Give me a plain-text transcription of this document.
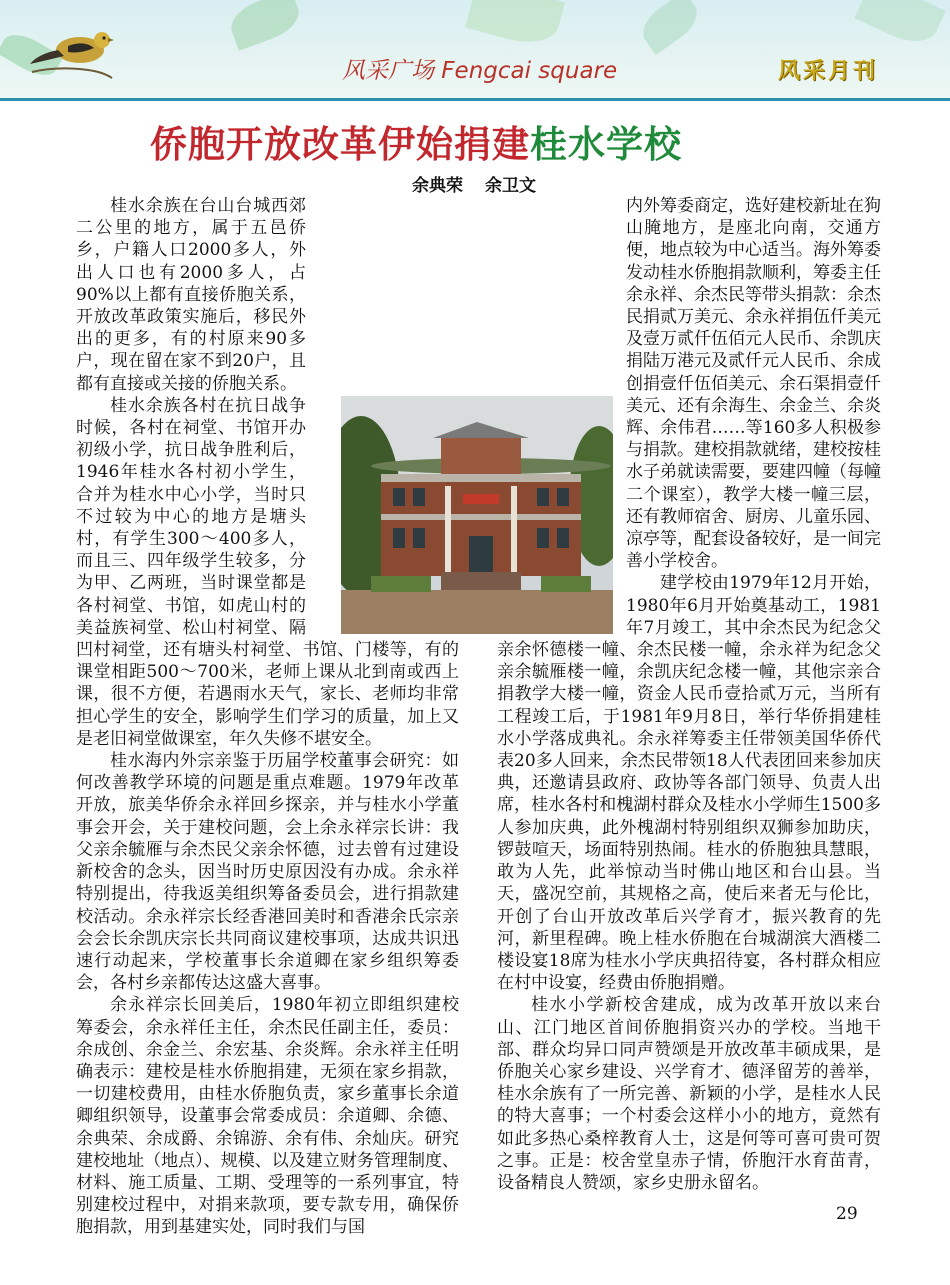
风采广场 Fengcai square	风采月刊
侨胞开放改革伊始捐建桂水学校
余典荣 余卫文

桂水余族在台山台城西郊二公里的地方，属于五邑侨乡，户籍人口2000多人，外出人口也有2000多人，占90%以上都有直接侨胞关系，开放改革政策实施后，移民外出的更多，有的村原来90多户，现在留在家不到20户，且都有直接或关接的侨胞关系。

桂水余族各村在抗日战争时候，各村在祠堂、书馆开办初级小学，抗日战争胜利后，1946年桂水各村初小学生，合并为桂水中心小学，当时只不过较为中心的地方是塘头村，有学生300～400多人，而且三、四年级学生较多，分为甲、乙两班，当时课堂都是各村祠堂、书馆，如虎山村的美益族祠堂、松山村祠堂、隔凹村祠堂，还有塘头村祠堂、书馆、门楼等，有的课堂相距500～700米，老师上课从北到南或西上课，很不方便，若遇雨水天气，家长、老师均非常担心学生的安全，影响学生们学习的质量，加上又是老旧祠堂做课室，年久失修不堪安全。

桂水海内外宗亲鉴于历届学校董事会研究：如何改善教学环境的问题是重点难题。1979年改革开放，旅美华侨余永祥回乡探亲，并与桂水小学董事会开会，关于建校问题，会上余永祥宗长讲：我父亲余毓雁与余杰民父亲余怀德，过去曾有过建设新校舍的念头，因当时历史原因没有办成。余永祥特别提出，待我返美组织筹备委员会，进行捐款建校活动。余永祥宗长经香港回美时和香港余氏宗亲会会长余凯庆宗长共同商议建校事项，达成共识迅速行动起来，学校董事长余道卿在家乡组织筹委会，各村乡亲都传达这盛大喜事。

余永祥宗长回美后，1980年初立即组织建校筹委会，余永祥任主任，余杰民任副主任，委员：余成创、余金兰、余宏基、余炎辉。余永祥主任明确表示：建校是桂水侨胞捐建，无须在家乡捐款，一切建校费用，由桂水侨胞负责，家乡董事长余道卿组织领导，设董事会常委成员：余道卿、余德、余典荣、余成爵、余锦游、余有伟、余灿庆。研究建校地址（地点）、规模、以及建立财务管理制度、材料、施工质量、工期、受理等的一系列事宜，特别建校过程中，对捐来款项，要专款专用，确保侨胞捐款，用到基建实处，同时我们与国

内外筹委商定，选好建校新址在狗山腌地方，是座北向南，交通方便，地点较为中心适当。海外筹委发动桂水侨胞捐款顺利，筹委主任余永祥、余杰民等带头捐款：余杰民捐贰万美元、余永祥捐伍仟美元及壹万贰仟伍佰元人民币、余凯庆捐陆万港元及贰仟元人民币、余成创捐壹仟伍佰美元、余石渠捐壹仟美元、还有余海生、余金兰、余炎辉、余伟君……等160多人积极参与捐款。建校捐款就绪，建校按桂水子弟就读需要，要建四幢（每幢二个课室），教学大楼一幢三层，还有教师宿舍、厨房、儿童乐园、凉亭等，配套设备较好，是一间完善小学校舍。

建学校由1979年12月开始，1980年6月开始奠基动工，1981年7月竣工，其中余杰民为纪念父亲余怀德楼一幢、余杰民楼一幢，余永祥为纪念父亲余毓雁楼一幢，余凯庆纪念楼一幢，其他宗亲合捐教学大楼一幢，资金人民币壹拾贰万元，当所有工程竣工后，于1981年9月8日，举行华侨捐建桂水小学落成典礼。余永祥筹委主任带领美国华侨代表20多人回来，余杰民带领18人代表团回来参加庆典，还邀请县政府、政协等各部门领导、负责人出席，桂水各村和槐湖村群众及桂水小学师生1500多人参加庆典，此外槐湖村特别组织双狮参加助庆，锣鼓喧天，场面特别热闹。桂水的侨胞独具慧眼，敢为人先，此举惊动当时佛山地区和台山县。当天，盛况空前，其规格之高，使后来者无与伦比，开创了台山开放改革后兴学育才，振兴教育的先河，新里程碑。晚上桂水侨胞在台城湖滨大酒楼二楼设宴18席为桂水小学庆典招待宴，各村群众相应在村中设宴，经费由侨胞捐赠。

桂水小学新校舍建成，成为改革开放以来台山、江门地区首间侨胞捐资兴办的学校。当地干部、群众均异口同声赞颂是开放改革丰硕成果，是侨胞关心家乡建设、兴学育才、德泽留芳的善举，桂水余族有了一所完善、新颖的小学，是桂水人民的特大喜事；一个村委会这样小小的地方，竟然有如此多热心桑梓教育人士，这是何等可喜可贵可贺之事。正是：校舍堂皇赤子情，侨胞汗水育苗青，设备精良人赞颂，家乡史册永留名。

29
